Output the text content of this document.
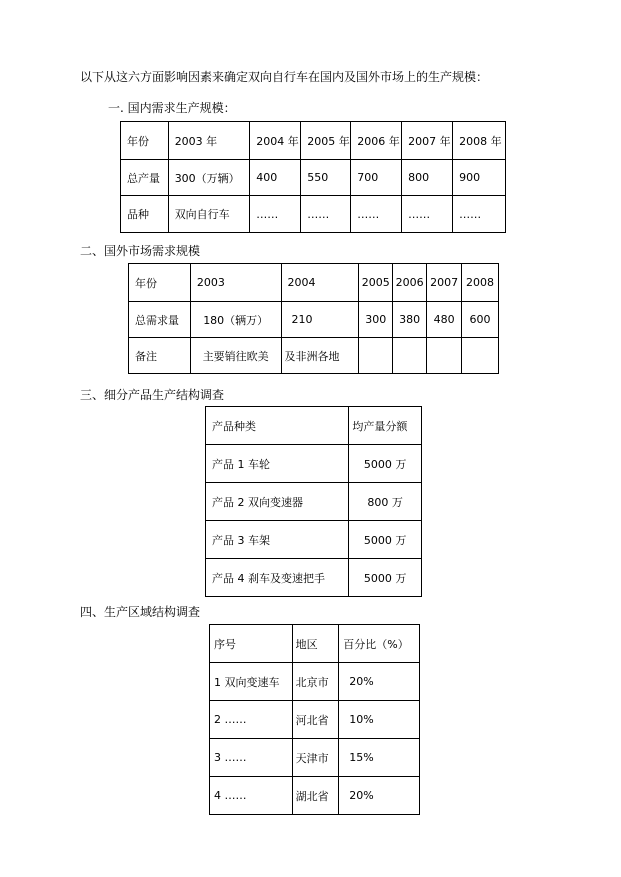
以下从这六方面影响因素来确定双向自行车在国内及国外市场上的生产规模：
一. 国内需求生产规模：
年份	2003 年	2004 年	2005 年	2006 年	2007 年	2008 年
总产量	300（万辆）	400	550	700	800	900
品种	双向自行车	……	……	……	……	……
二、国外市场需求规模
年份	2003	2004	2005	2006	2007	2008
总需求量	180（辆万）	210	300	380	480	600
备注	主要销往欧美	及非洲各地				
三、细分产品生产结构调查
产品种类	均产量分额
产品 1 车轮	5000 万
产品 2 双向变速器	800 万
产品 3 车架	5000 万
产品 4 刹车及变速把手	5000 万
四、生产区域结构调查
序号	地区	百分比（%）
1 双向变速车	北京市	20%
2 ……	河北省	10%
3 ……	天津市	15%
4 ……	湖北省	20%
